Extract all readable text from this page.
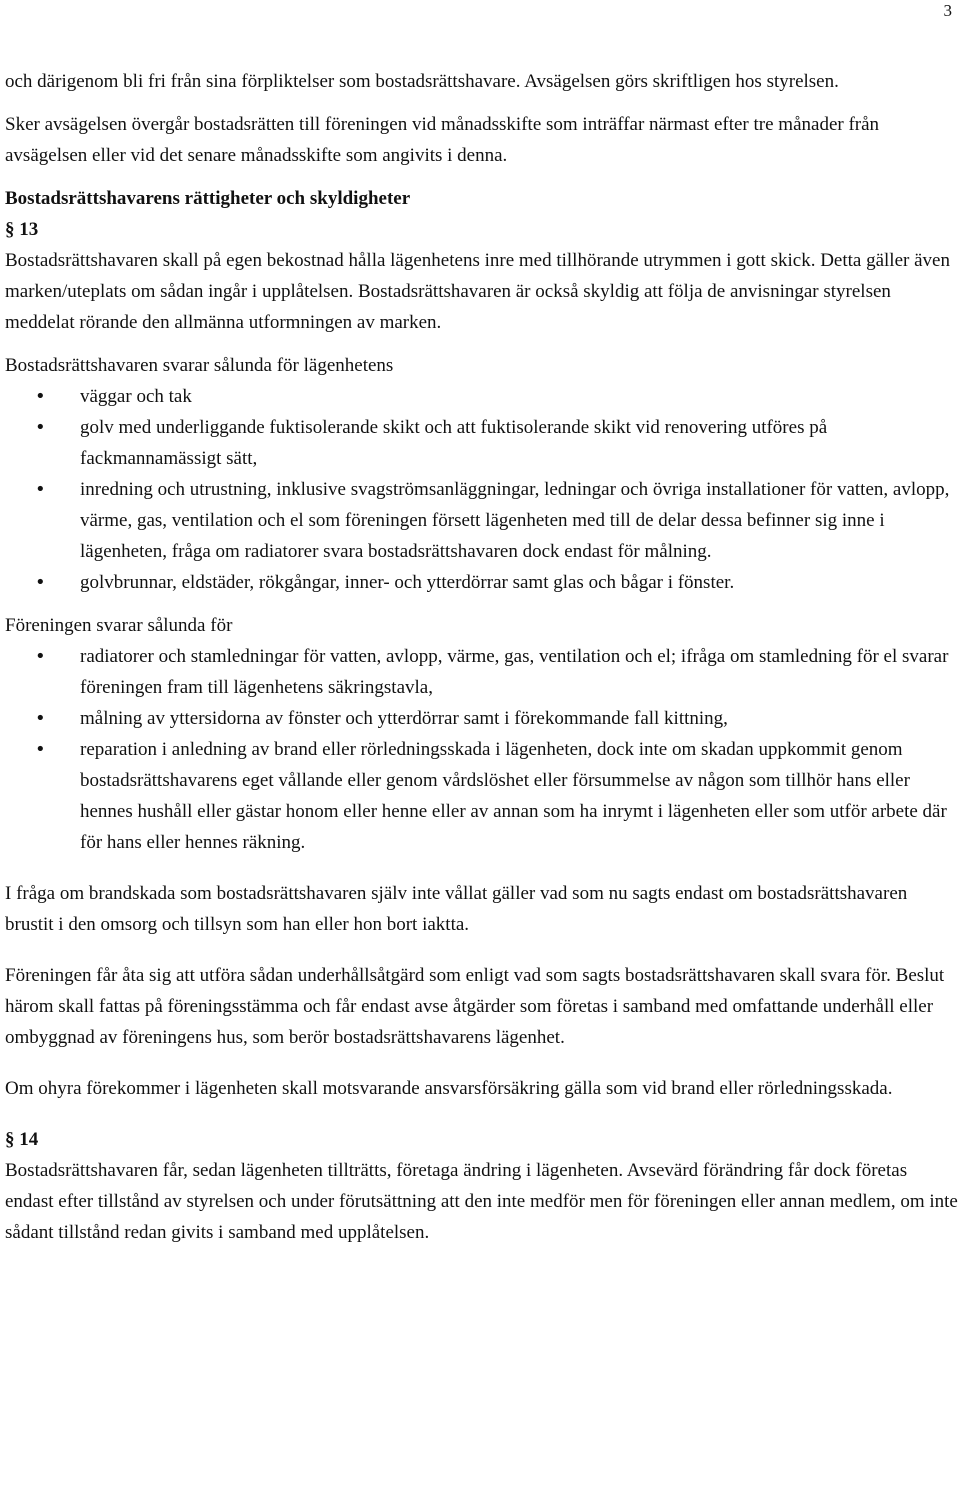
3

och därigenom bli fri från sina förpliktelser som bostadsrättshavare. Avsägelsen görs skriftligen hos styrelsen.

Sker avsägelsen övergår bostadsrätten till föreningen vid månadsskifte som inträffar närmast efter tre månader från avsägelsen eller vid det senare månadsskifte som angivits i denna.

Bostadsrättshavarens rättigheter och skyldigheter

§ 13

Bostadsrättshavaren skall på egen bekostnad hålla lägenhetens inre med tillhörande utrymmen i gott skick. Detta gäller även marken/uteplats om sådan ingår i upplåtelsen. Bostadsrättshavaren är också skyldig att följa de anvisningar styrelsen meddelat rörande den allmänna utformningen av marken.

Bostadsrättshavaren svarar sålunda för lägenhetens

• väggar och tak
• golv med underliggande fuktisolerande skikt och att fuktisolerande skikt vid renovering utföres på fackmannamässigt sätt,
• inredning och utrustning, inklusive svagströmsanläggningar, ledningar och övriga installationer för vatten, avlopp, värme, gas, ventilation och el som föreningen försett lägenheten med till de delar dessa befinner sig inne i lägenheten, fråga om radiatorer svara bostadsrättshavaren dock endast för målning.
• golvbrunnar, eldstäder, rökgångar, inner- och ytterdörrar samt glas och bågar i fönster.

Föreningen svarar sålunda för

• radiatorer och stamledningar för vatten, avlopp, värme, gas, ventilation och el; ifråga om stamledning för el svarar föreningen fram till lägenhetens säkringstavla,
• målning av yttersidorna av fönster och ytterdörrar samt i förekommande fall kittning,
• reparation i anledning av brand eller rörledningsskada i lägenheten, dock inte om skadan uppkommit genom bostadsrättshavarens eget vållande eller genom vårdslöshet eller försummelse av någon som tillhör hans eller hennes hushåll eller gästar honom eller henne eller av annan som ha inrymt i lägenheten eller som utför arbete där för hans eller hennes räkning.

I fråga om brandskada som bostadsrättshavaren själv inte vållat gäller vad som nu sagts endast om bostadsrättshavaren brustit i den omsorg och tillsyn som han eller hon bort iaktta.

Föreningen får åta sig att utföra sådan underhållsåtgärd som enligt vad som sagts bostadsrättshavaren skall svara för. Beslut härom skall fattas på föreningsstämma och får endast avse åtgärder som företas i samband med omfattande underhåll eller ombyggnad av föreningens hus, som berör bostadsrättshavarens lägenhet.

Om ohyra förekommer i lägenheten skall motsvarande ansvarsförsäkring gälla som vid brand eller rörledningsskada.

§ 14

Bostadsrättshavaren får, sedan lägenheten tillträtts, företaga ändring i lägenheten. Avsevärd förändring får dock företas endast efter tillstånd av styrelsen och under förutsättning att den inte medför men för föreningen eller annan medlem, om inte sådant tillstånd redan givits i samband med upplåtelsen.
